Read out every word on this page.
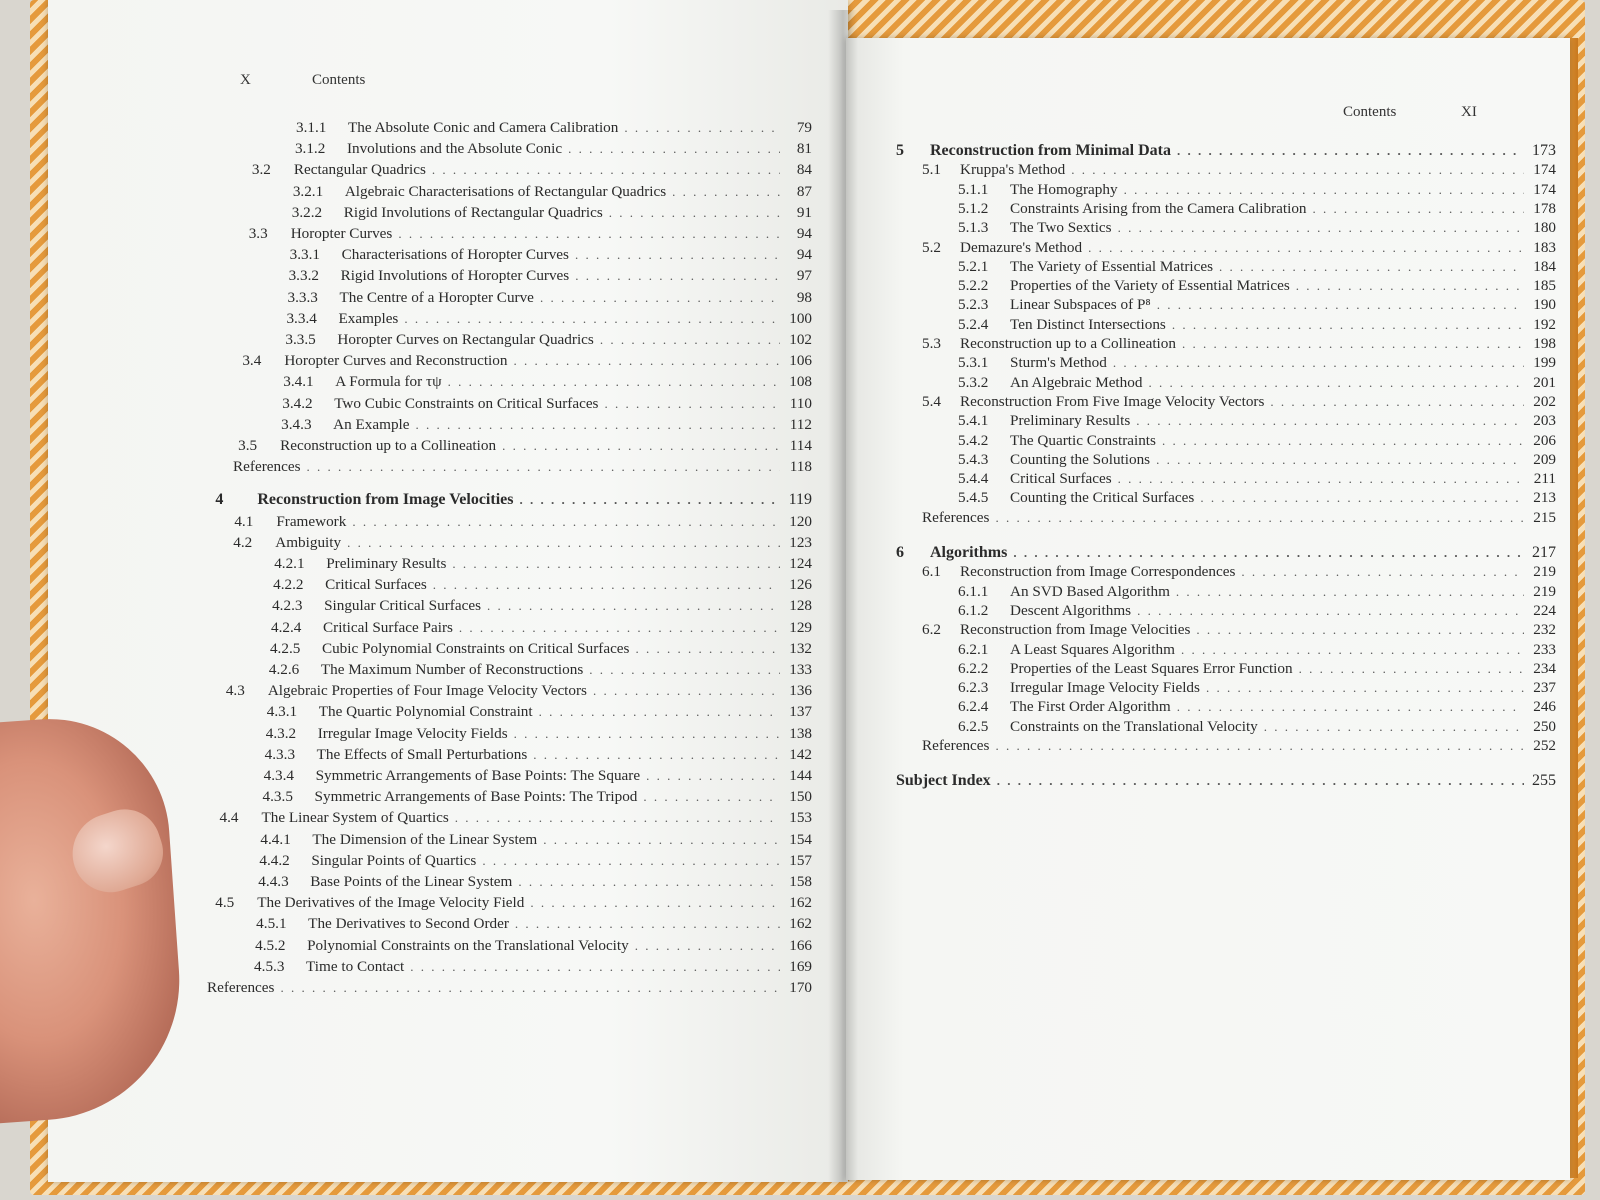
X	Contents
3.1.1	The Absolute Conic and Camera Calibration . . .	79
3.1.2	Involutions and the Absolute Conic . . .	81
3.2	Rectangular Quadrics . . .	84
3.2.1	Algebraic Characterisations of Rectangular Quadrics . . .	87
3.2.2	Rigid Involutions of Rectangular Quadrics . . .	91
3.3	Horopter Curves . . .	94
3.3.1	Characterisations of Horopter Curves . . .	94
3.3.2	Rigid Involutions of Horopter Curves . . .	97
3.3.3	The Centre of a Horopter Curve . . .	98
3.3.4	Examples . . .	100
3.3.5	Horopter Curves on Rectangular Quadrics . . .	102
3.4	Horopter Curves and Reconstruction . . .	106
3.4.1	A Formula for τψ . . .	108
3.4.2	Two Cubic Constraints on Critical Surfaces . . .	110
3.4.3	An Example . . .	112
3.5	Reconstruction up to a Collineation . . .	114
References . . .	118
4	Reconstruction from Image Velocities . . .	119
4.1	Framework . . .	120
4.2	Ambiguity . . .	123
4.2.1	Preliminary Results . . .	124
4.2.2	Critical Surfaces . . .	126
4.2.3	Singular Critical Surfaces . . .	128
4.2.4	Critical Surface Pairs . . .	129
4.2.5	Cubic Polynomial Constraints on Critical Surfaces . . .	132
4.2.6	The Maximum Number of Reconstructions . . .	133
4.3	Algebraic Properties of Four Image Velocity Vectors . . .	136
4.3.1	The Quartic Polynomial Constraint . . .	137
4.3.2	Irregular Image Velocity Fields . . .	138
4.3.3	The Effects of Small Perturbations . . .	142
4.3.4	Symmetric Arrangements of Base Points: The Square . . .	144
4.3.5	Symmetric Arrangements of Base Points: The Tripod . . .	150
4.4	The Linear System of Quartics . . .	153
4.4.1	The Dimension of the Linear System . . .	154
4.4.2	Singular Points of Quartics . . .	157
4.4.3	Base Points of the Linear System . . .	158
4.5	The Derivatives of the Image Velocity Field . . .	162
4.5.1	The Derivatives to Second Order . . .	162
4.5.2	Polynomial Constraints on the Translational Velocity . . .	166
4.5.3	Time to Contact . . .	169
References . . .	170
Contents	XI
5	Reconstruction from Minimal Data . . .	173
5.1	Kruppa's Method . . .	174
5.1.1	The Homography . . .	174
5.1.2	Constraints Arising from the Camera Calibration . . .	178
5.1.3	The Two Sextics . . .	180
5.2	Demazure's Method . . .	183
5.2.1	The Variety of Essential Matrices . . .	184
5.2.2	Properties of the Variety of Essential Matrices . . .	185
5.2.3	Linear Subspaces of P⁸ . . .	190
5.2.4	Ten Distinct Intersections . . .	192
5.3	Reconstruction up to a Collineation . . .	198
5.3.1	Sturm's Method . . .	199
5.3.2	An Algebraic Method . . .	201
5.4	Reconstruction From Five Image Velocity Vectors . . .	202
5.4.1	Preliminary Results . . .	203
5.4.2	The Quartic Constraints . . .	206
5.4.3	Counting the Solutions . . .	209
5.4.4	Critical Surfaces . . .	211
5.4.5	Counting the Critical Surfaces . . .	213
References . . .	215
6	Algorithms . . .	217
6.1	Reconstruction from Image Correspondences . . .	219
6.1.1	An SVD Based Algorithm . . .	219
6.1.2	Descent Algorithms . . .	224
6.2	Reconstruction from Image Velocities . . .	232
6.2.1	A Least Squares Algorithm . . .	233
6.2.2	Properties of the Least Squares Error Function . . .	234
6.2.3	Irregular Image Velocity Fields . . .	237
6.2.4	The First Order Algorithm . . .	246
6.2.5	Constraints on the Translational Velocity . . .	250
References . . .	252
Subject Index . . .	255
